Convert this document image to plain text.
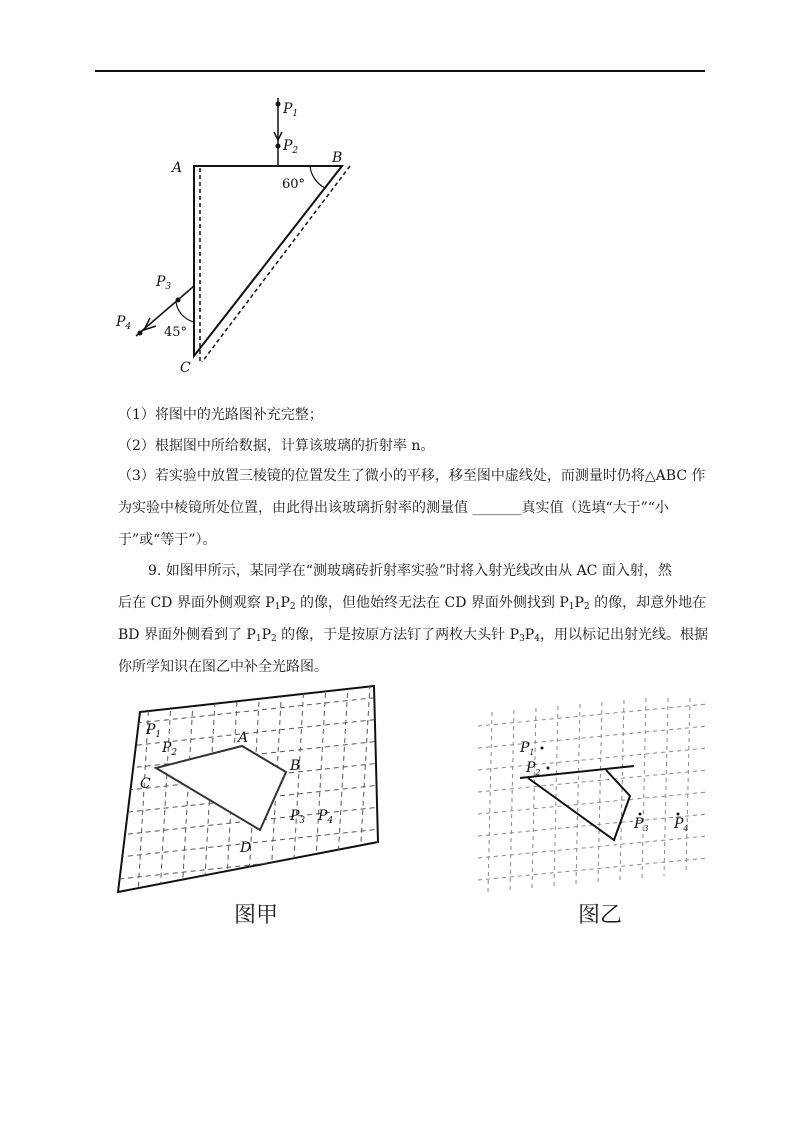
$P_1$
$P_2$
60°
A
B
C
45°
$P_3$
$P_4$
（1）将图中的光路图补充完整；
（2）根据图中所给数据，计算该玻璃的折射率 n。
（3）若实验中放置三棱镜的位置发生了微小的平移，移至图中虚线处，而测量时仍将△ABC 作
为实验中棱镜所处位置，由此得出该玻璃折射率的测量值 _______真实值（选填“大于”“小
于”或“等于”）。
9. 如图甲所示，某同学在“测玻璃砖折射率实验”时将入射光线改由从 AC 面入射，然
后在 CD 界面外侧观察 $P_1P_2$ 的像，但他始终无法在 CD 界面外侧找到 $P_1P_2$ 的像，却意外地在
BD 界面外侧看到了 $P_1P_2$ 的像，于是按原方法钉了两枚大头针 $P_3P_4$，用以标记出射光线。根据
你所学知识在图乙中补全光路图。
$P_1$
$P_2$
A
B
C
D
$P_3$ $P_4$
图甲
$P_1$
$P_2$
$P_3$ $P_4$
图乙
